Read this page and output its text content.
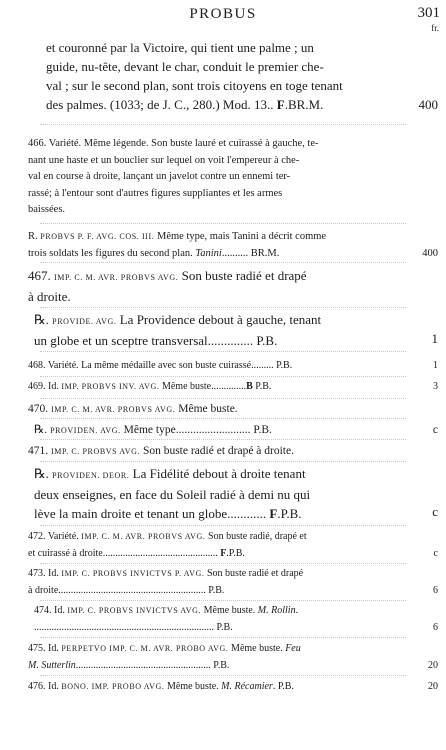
PROBUS	301
fr.
et couronné par la Victoire, qui tient une palme ; un
guide, nu-tête, devant le char, conduit le premier che-
val ; sur le second plan, sont trois citoyens en toge tenant
des palmes. (1033; de J. C., 280.) Mod. 13.. F.BR.M.	400
466. Variété. Même légende. Son buste lauré et cuirassé à gauche, te-
nant une haste et un bouclier sur lequel on voit l'empereur à che-
val en course à droite, lançant un javelot contre un ennemi ter-
rassé; à l'entour sont d'autres figures suppliantes et les armes
baissées.
R. PROBVS P. F. AVG. COS. III. Même type, mais Tanini a décrit comme
trois soldats les figures du second plan. Tanini.......... BR.M.	400
467. IMP. C. M. AVR. PROBVS AVG. Son buste radié et drapé
à droite.
℞. PROVIDE. AVG. La Providence debout à gauche, tenant
un globe et un sceptre transversal.............. P.B.	1
468. Variété. La même médaille avec son buste cuirassé......... P.B.	1
469. Id. IMP. PROBVS INV. AVG. Même buste..............B P.B.	3
470. IMP. C. M. AVR. PROBVS AVG. Même buste.
℞. PROVIDEN. AVG. Même type.......................... P.B.	c
471. IMP. C. PROBVS AVG. Son buste radié et drapé à droite.
℞. PROVIDEN. DEOR. La Fidélité debout à droite tenant
deux enseignes, en face du Soleil radié à demi nu qui
lève la main droite et tenant un globe............ F.P.B.	c
472. Variété. IMP. C. M. AVR. PROBVS AVG. Son buste radié, drapé et
et cuirassé à droite.............................................. F.P.B.	c
473. Id. IMP. C. PROBVS INVICTVS P. AVG. Son buste radié et drapé
à droite........................................................... P.B.	6
474. Id. IMP. C. PROBVS INVICTVS AVG. Même buste. M. Rollin.
........................................................................ P.B.	6
475. Id. PERPETVO IMP. C. M. AVR. PROBO AVG. Même buste. Feu
M. Sutterlin...................................................... P.B.	20
476. Id. BONO. IMP. PROBO AVG. Même buste. M. Récamier. P.B.	20
